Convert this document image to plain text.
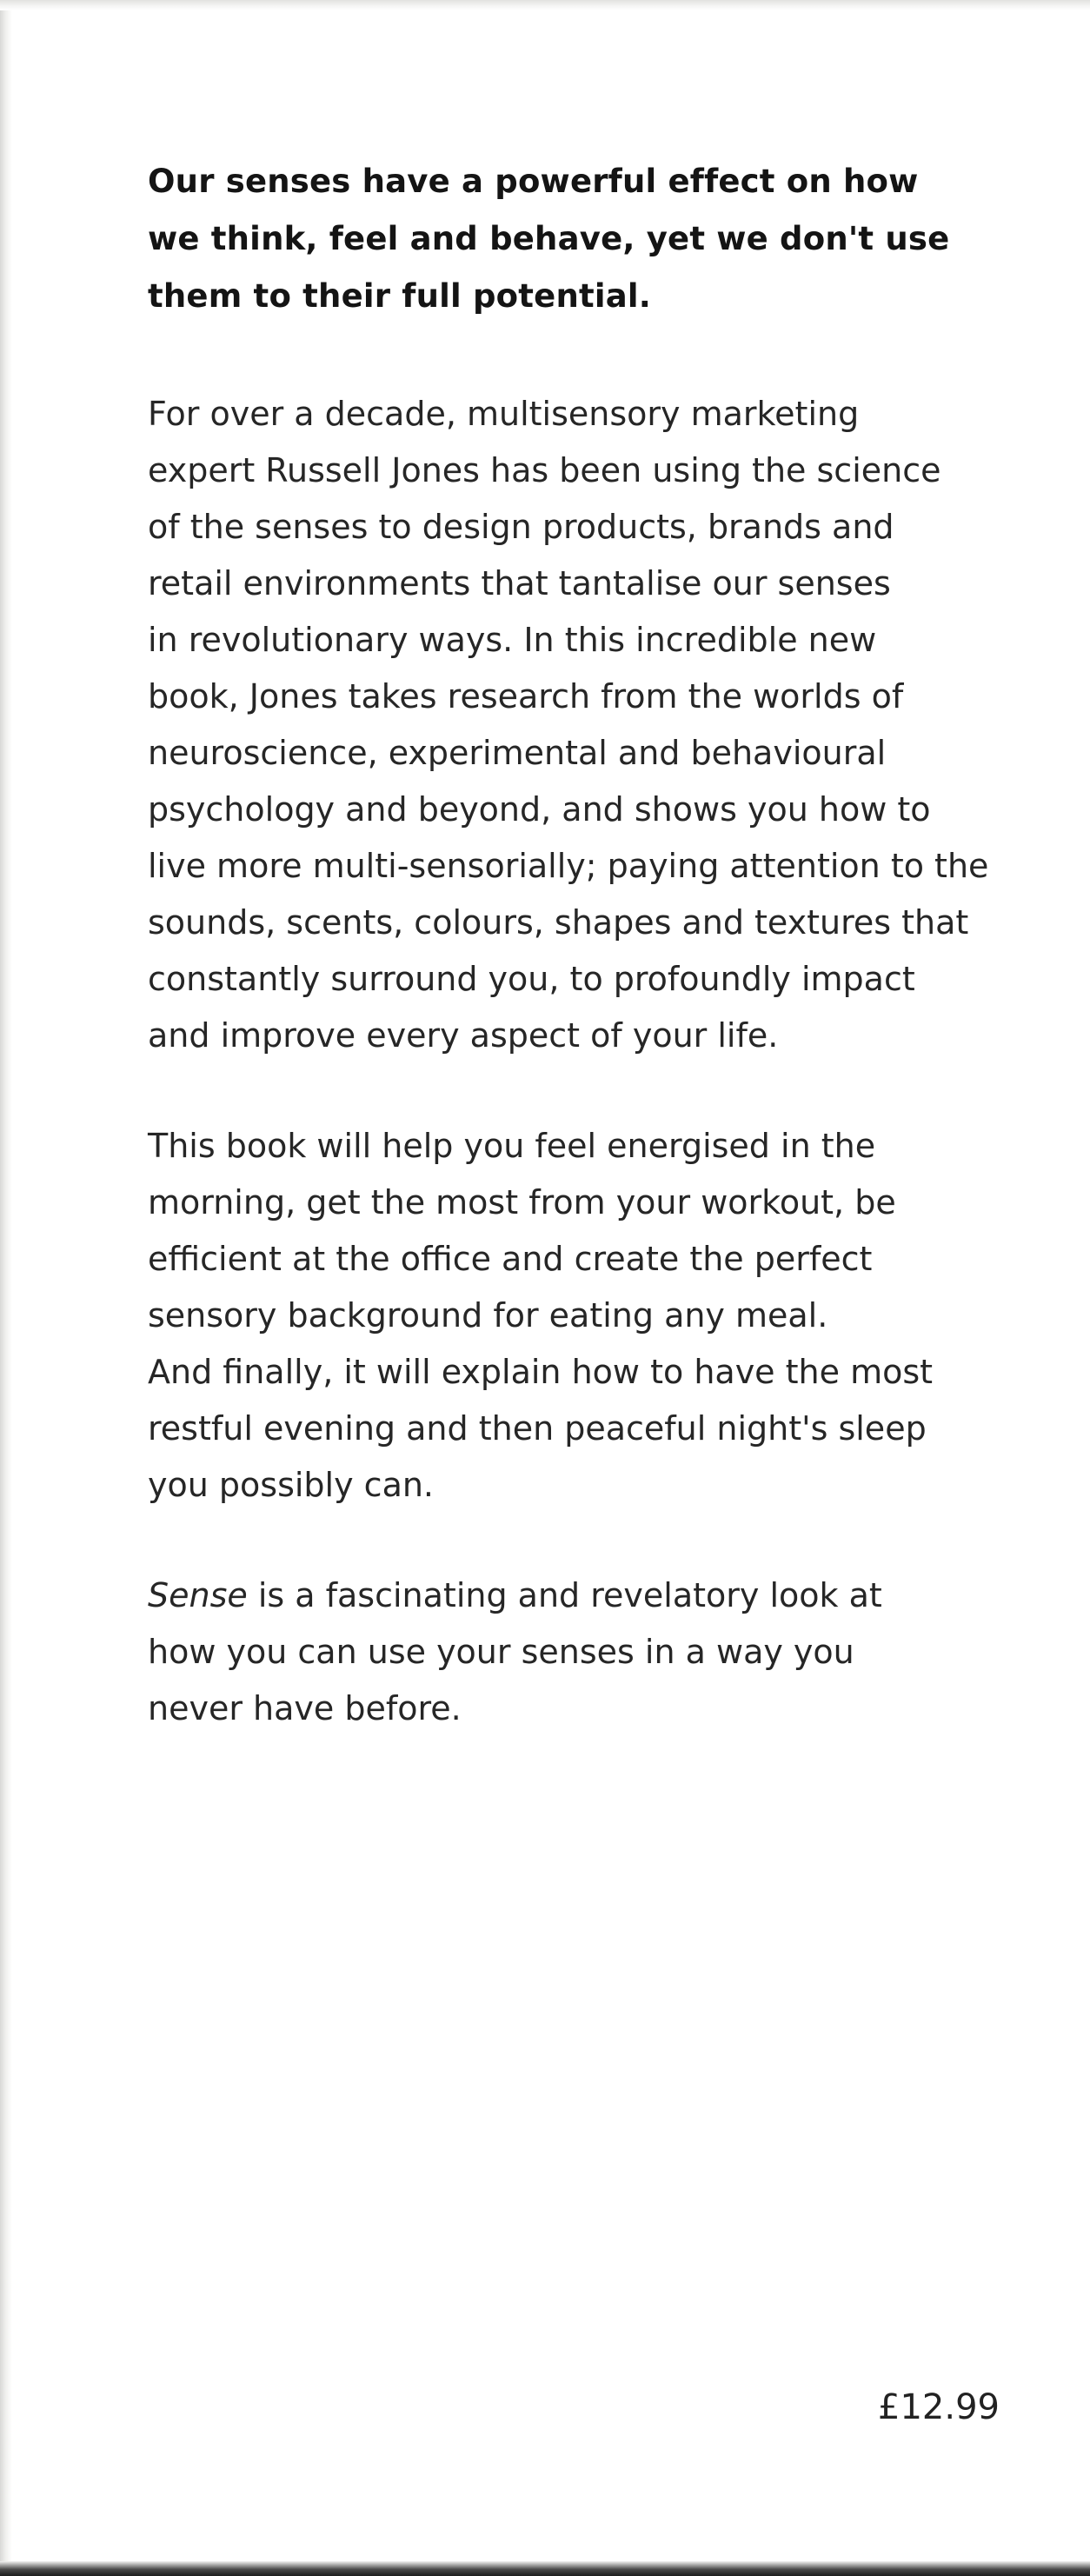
Our senses have a powerful effect on how
we think, feel and behave, yet we don't use
them to their full potential.

For over a decade, multisensory marketing
expert Russell Jones has been using the science
of the senses to design products, brands and
retail environments that tantalise our senses
in revolutionary ways. In this incredible new
book, Jones takes research from the worlds of
neuroscience, experimental and behavioural
psychology and beyond, and shows you how to
live more multi-sensorially; paying attention to the
sounds, scents, colours, shapes and textures that
constantly surround you, to profoundly impact
and improve every aspect of your life.

This book will help you feel energised in the
morning, get the most from your workout, be
efficient at the office and create the perfect
sensory background for eating any meal.
And finally, it will explain how to have the most
restful evening and then peaceful night's sleep
you possibly can.

Sense is a fascinating and revelatory look at
how you can use your senses in a way you
never have before.

£12.99
